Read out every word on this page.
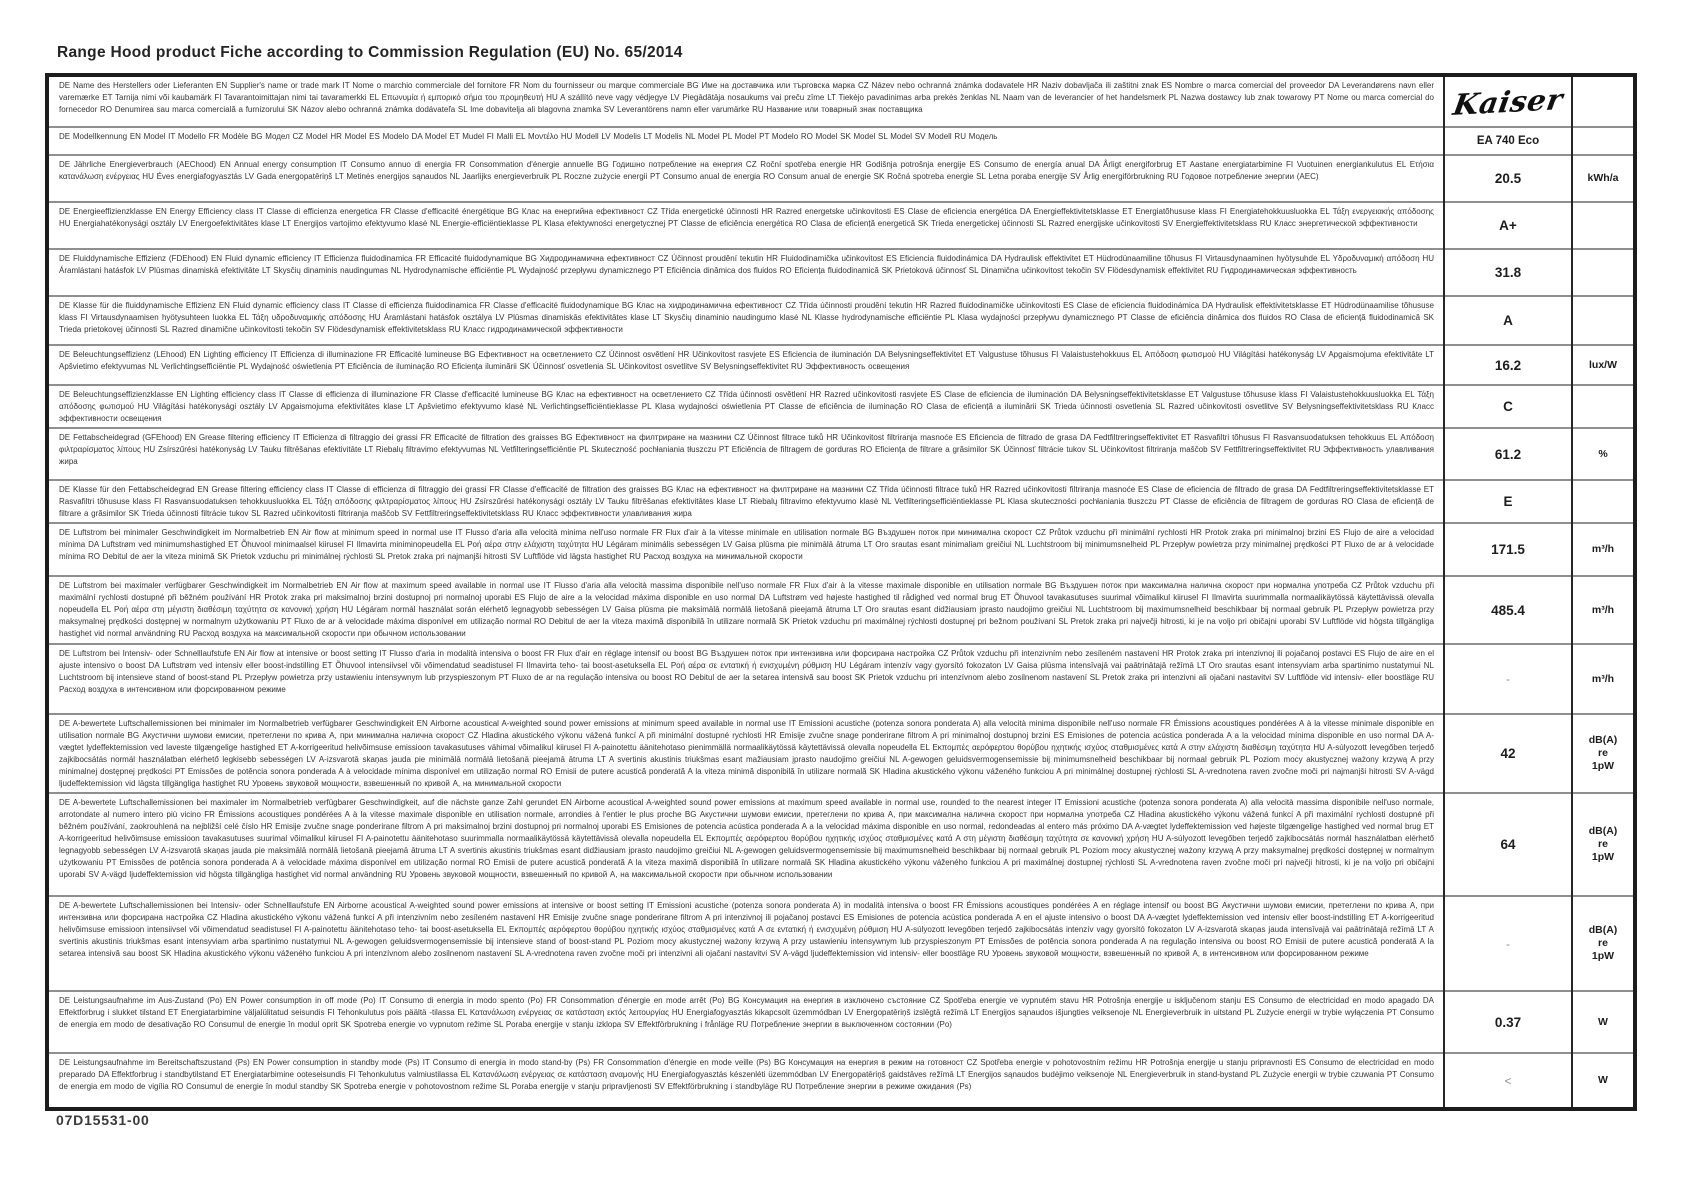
Range Hood product Fiche according to Commission Regulation (EU) No. 65/2014
DE Name des Herstellers oder Lieferanten EN Supplier's name or trade mark IT Nome o marchio commerciale del fornitore FR Nom du fournisseur ou marque commerciale BG Име на доставчика или търговска марка CZ Název nebo ochranná známka dodavatele HR Naziv dobavljača ili zaštitni znak ES Nombre o marca comercial del proveedor DA Leverandørens navn eller varemærke ET Tarnija nimi või kaubamärk FI Tavarantoimittajan nimi tai tavaramerkki EL Επωνυμία ή εμπορικό σήμα του προμηθευτή HU A szállító neve vagy védjegye LV Piegādātāja nosaukums vai preču zīme LT Tiekėjo pavadinimas arba prekės ženklas NL Naam van de leverancier of het handelsmerk PL Nazwa dostawcy lub znak towarowy PT Nome ou marca comercial do fornecedor RO Denumirea sau marca comercială a furnizorului SK Názov alebo ochranná známka dodávateľa SL Ime dobavitelja ali blagovna znamka SV Leverantörens namn eller varumärke RU Название или товарный знак поставщика	Kaiser	
DE Modellkennung EN Model IT Modello FR Modèle BG Модел CZ Model HR Model ES Modelo DA Model ET Mudel FI Malli EL Μοντέλο HU Modell LV Modelis LT Modelis NL Model PL Model PT Modelo RO Model SK Model SL Model SV Modell RU Модель	EA 740 Eco	
DE Jährliche Energieverbrauch (AEChood) EN Annual energy consumption IT Consumo annuo di energia FR Consommation d'énergie annuelle BG Годишно потребление на енергия CZ Roční spotřeba energie HR Godišnja potrošnja energije ES Consumo de energía anual DA Årligt energiforbrug ET Aastane energiatarbimine FI Vuotuinen energiankulutus EL Ετήσια κατανάλωση ενέργειας HU Éves energiafogyasztás LV Gada energopatēriņš LT Metinės energijos sąnaudos NL Jaarlijks energieverbruik PL Roczne zużycie energii PT Consumo anual de energia RO Consum anual de energie SK Ročná spotreba energie SL Letna poraba energije SV Årlig energiförbrukning RU Годовое потребление энергии (AEC)	20.5	kWh/a
DE Energieeffizienzklasse EN Energy Efficiency class IT Classe di efficienza energetica FR Classe d'efficacité énergétique BG Клас на енергийна ефективност CZ Třída energetické účinnosti HR Razred energetske učinkovitosti ES Clase de eficiencia energética DA Energieffektivitetsklasse ET Energiatõhususe klass FI Energiatehokkuusluokka EL Τάξη ενεργειακής απόδοσης HU Energiahatékonysági osztály LV Energoefektivitātes klase LT Energijos vartojimo efektyvumo klasė NL Energie-efficiëntieklasse PL Klasa efektywności energetycznej PT Classe de eficiência energética RO Clasa de eficiență energetică SK Trieda energetickej účinnosti SL Razred energijske učinkovitosti SV Energieffektivitetsklass RU Класс энергетической эффективности	A+	
DE Fluiddynamische Effizienz (FDEhood) EN Fluid dynamic efficiency IT Efficienza fluidodinamica FR Efficacité fluidodynamique BG Хидродинамична ефективност CZ Účinnost proudění tekutin HR Fluidodinamička učinkovitost ES Eficiencia fluidodinámica DA Hydraulisk effektivitet ET Hüdrodünaamiline tõhusus FI Virtausdynaaminen hyötysuhde EL Υδροδυναμική απόδοση HU Áramlástani hatásfok LV Plūsmas dinamiskā efektivitāte LT Skysčių dinaminis naudingumas NL Hydrodynamische efficiëntie PL Wydajność przepływu dynamicznego PT Eficiência dinâmica dos fluidos RO Eficiența fluidodinamică SK Prietoková účinnosť SL Dinamična učinkovitost tekočin SV Flödesdynamisk effektivitet RU Гидродинамическая эффективность	31.8	
DE Klasse für die fluiddynamische Effizienz EN Fluid dynamic efficiency class IT Classe di efficienza fluidodinamica FR Classe d'efficacité fluidodynamique BG Клас на хидродинамична ефективност CZ Třída účinnosti proudění tekutin HR Razred fluidodinamičke učinkovitosti ES Clase de eficiencia fluidodinámica DA Hydraulisk effektivitetsklasse ET Hüdrodünaamilise tõhususe klass FI Virtausdynaamisen hyötysuhteen luokka EL Τάξη υδροδυναμικής απόδοσης HU Áramlástani hatásfok osztálya LV Plūsmas dinamiskās efektivitātes klase LT Skysčių dinaminio naudingumo klasė NL Klasse hydrodynamische efficiëntie PL Klasa wydajności przepływu dynamicznego PT Classe de eficiência dinâmica dos fluidos RO Clasa de eficiență fluidodinamică SK Trieda prietokovej účinnosti SL Razred dinamične učinkovitosti tekočin SV Flödesdynamisk effektivitetsklass RU Класс гидродинамической эффективности	A	
DE Beleuchtungseffizienz (LEhood) EN Lighting efficiency IT Efficienza di illuminazione FR Efficacité lumineuse BG Ефективност на осветлението CZ Účinnost osvětlení HR Učinkovitost rasvjete ES Eficiencia de iluminación DA Belysningseffektivitet ET Valgustuse tõhusus FI Valaistustehokkuus EL Απόδοση φωτισμού HU Világítási hatékonyság LV Apgaismojuma efektivitāte LT Apšvietimo efektyvumas NL Verlichtingsefficiëntie PL Wydajność oświetlenia PT Eficiência de iluminação RO Eficiența iluminării SK Účinnosť osvetlenia SL Učinkovitost osvetlitve SV Belysningseffektivitet RU Эффективность освещения	16.2	lux/W
DE Beleuchtungseffizienzklasse EN Lighting efficiency class IT Classe di efficienza di illuminazione FR Classe d'efficacité lumineuse BG Клас на ефективност на осветлението CZ Třída účinnosti osvětlení HR Razred učinkovitosti rasvjete ES Clase de eficiencia de iluminación DA Belysningseffektivitetsklasse ET Valgustuse tõhususe klass FI Valaistustehokkuusluokka EL Τάξη απόδοσης φωτισμού HU Világítási hatékonysági osztály LV Apgaismojuma efektivitātes klase LT Apšvietimo efektyvumo klasė NL Verlichtingsefficiëntieklasse PL Klasa wydajności oświetlenia PT Classe de eficiência de iluminação RO Clasa de eficiență a iluminării SK Trieda účinnosti osvetlenia SL Razred učinkovitosti osvetlitve SV Belysningseffektivitetsklass RU Класс эффективности освещения	C	
DE Fettabscheidegrad (GFEhood) EN Grease filtering efficiency IT Efficienza di filtraggio dei grassi FR Efficacité de filtration des graisses BG Ефективност на филтриране на мазнини CZ Účinnost filtrace tuků HR Učinkovitost filtriranja masnoće ES Eficiencia de filtrado de grasa DA Fedtfiltreringseffektivitet ET Rasvafiltri tõhusus FI Rasvansuodatuksen tehokkuus EL Απόδοση φιλτραρίσματος λίπους HU Zsírszűrési hatékonyság LV Tauku filtrēšanas efektivitāte LT Riebalų filtravimo efektyvumas NL Vetfilteringsefficiëntie PL Skuteczność pochłaniania tłuszczu PT Eficiência de filtragem de gorduras RO Eficiența de filtrare a grăsimilor SK Účinnosť filtrácie tukov SL Učinkovitost filtriranja maščob SV Fettfiltreringseffektivitet RU Эффективность улавливания жира	61.2	%
DE Klasse für den Fettabscheidegrad EN Grease filtering efficiency class IT Classe di efficienza di filtraggio dei grassi FR Classe d'efficacité de filtration des graisses BG Клас на ефективност на филтриране на мазнини CZ Třída účinnosti filtrace tuků HR Razred učinkovitosti filtriranja masnoće ES Clase de eficiencia de filtrado de grasa DA Fedtfiltreringseffektivitetsklasse ET Rasvafiltri tõhususe klass FI Rasvansuodatuksen tehokkuusluokka EL Τάξη απόδοσης φιλτραρίσματος λίπους HU Zsírszűrési hatékonysági osztály LV Tauku filtrēšanas efektivitātes klase LT Riebalų filtravimo efektyvumo klasė NL Vetfilteringsefficiëntieklasse PL Klasa skuteczności pochłaniania tłuszczu PT Classe de eficiência de filtragem de gorduras RO Clasa de eficiență de filtrare a grăsimilor SK Trieda účinnosti filtrácie tukov SL Razred učinkovitosti filtriranja maščob SV Fettfiltreringseffektivitetsklass RU Класс эффективности улавливания жира	E	
DE Luftstrom bei minimaler Geschwindigkeit im Normalbetrieb EN Air flow at minimum speed in normal use IT Flusso d'aria alla velocità minima nell'uso normale FR Flux d'air à la vitesse minimale en utilisation normale BG Въздушен поток при минимална скорост CZ Průtok vzduchu při minimální rychlosti HR Protok zraka pri minimalnoj brzini ES Flujo de aire a velocidad mínima DA Luftstrøm ved minimumshastighed ET Õhuvool minimaalsel kiirusel FI Ilmavirta miniminopeudella EL Ροή αέρα στην ελάχιστη ταχύτητα HU Légáram minimális sebességen LV Gaisa plūsma pie minimālā ātruma LT Oro srautas esant minimaliam greičiui NL Luchtstroom bij minimumsnelheid PL Przepływ powietrza przy minimalnej prędkości PT Fluxo de ar à velocidade mínima RO Debitul de aer la viteza minimă SK Prietok vzduchu pri minimálnej rýchlosti SL Pretok zraka pri najmanjši hitrosti SV Luftflöde vid lägsta hastighet RU Расход воздуха на минимальной скорости	171.5	m³/h
DE Luftstrom bei maximaler verfügbarer Geschwindigkeit im Normalbetrieb EN Air flow at maximum speed available in normal use IT Flusso d'aria alla velocità massima disponibile nell'uso normale FR Flux d'air à la vitesse maximale disponible en utilisation normale BG Въздушен поток при максимална налична скорост при нормална употреба CZ Průtok vzduchu při maximální rychlosti dostupné při běžném používání HR Protok zraka pri maksimalnoj brzini dostupnoj pri normalnoj uporabi ES Flujo de aire a la velocidad máxima disponible en uso normal DA Luftstrøm ved højeste hastighed til rådighed ved normal brug ET Õhuvool tavakasutuses suurimal võimalikul kiirusel FI Ilmavirta suurimmalla normaalikäytössä käytettävissä olevalla nopeudella EL Ροή αέρα στη μέγιστη διαθέσιμη ταχύτητα σε κανονική χρήση HU Légáram normál használat során elérhető legnagyobb sebességen LV Gaisa plūsma pie maksimālā normālā lietošanā pieejamā ātruma LT Oro srautas esant didžiausiam įprasto naudojimo greičiui NL Luchtstroom bij maximumsnelheid beschikbaar bij normaal gebruik PL Przepływ powietrza przy maksymalnej prędkości dostępnej w normalnym użytkowaniu PT Fluxo de ar à velocidade máxima disponível em utilização normal RO Debitul de aer la viteza maximă disponibilă în utilizare normală SK Prietok vzduchu pri maximálnej rýchlosti dostupnej pri bežnom používaní SL Pretok zraka pri največji hitrosti, ki je na voljo pri običajni uporabi SV Luftflöde vid högsta tillgängliga hastighet vid normal användning RU Расход воздуха на максимальной скорости при обычном использовании	485.4	m³/h
DE Luftstrom bei Intensiv- oder Schnelllaufstufe EN Air flow at intensive or boost setting IT Flusso d'aria in modalità intensiva o boost FR Flux d'air en réglage intensif ou boost BG Въздушен поток при интензивна или форсирана настройка CZ Průtok vzduchu při intenzivním nebo zesíleném nastavení HR Protok zraka pri intenzivnoj ili pojačanoj postavci ES Flujo de aire en el ajuste intensivo o boost DA Luftstrøm ved intensiv eller boost-indstilling ET Õhuvool intensiivsel või võimendatud seadistusel FI Ilmavirta teho- tai boost-asetuksella EL Ροή αέρα σε εντατική ή ενισχυμένη ρύθμιση HU Légáram intenzív vagy gyorsító fokozaton LV Gaisa plūsma intensīvajā vai paātrinātajā režīmā LT Oro srautas esant intensyviam arba spartinimo nustatymui NL Luchtstroom bij intensieve stand of boost-stand PL Przepływ powietrza przy ustawieniu intensywnym lub przyspieszonym PT Fluxo de ar na regulação intensiva ou boost RO Debitul de aer la setarea intensivă sau boost SK Prietok vzduchu pri intenzívnom alebo zosilnenom nastavení SL Pretok zraka pri intenzivni ali ojačani nastavitvi SV Luftflöde vid intensiv- eller boostläge RU Расход воздуха в интенсивном или форсированном режиме	-	m³/h
DE A-bewertete Luftschallemissionen bei minimaler im Normalbetrieb verfügbarer Geschwindigkeit EN Airborne acoustical A-weighted sound power emissions at minimum speed available in normal use IT Emissioni acustiche (potenza sonora ponderata A) alla velocità minima disponibile nell'uso normale FR Émissions acoustiques pondérées A à la vitesse minimale disponible en utilisation normale BG Акустични шумови емисии, претеглени по крива A, при минимална налична скорост CZ Hladina akustického výkonu vážená funkcí A při minimální dostupné rychlosti HR Emisije zvučne snage ponderirane filtrom A pri minimalnoj dostupnoj brzini ES Emisiones de potencia acústica ponderada A a la velocidad mínima disponible en uso normal DA A-vægtet lydeffektemission ved laveste tilgængelige hastighed ET A-korrigeeritud helivõimsuse emissioon tavakasutuses vähimal võimalikul kiirusel FI A-painotettu äänitehotaso pienimmällä normaalikäytössä käytettävissä olevalla nopeudella EL Εκπομπές αερόφερτου θορύβου ηχητικής ισχύος σταθμισμένες κατά A στην ελάχιστη διαθέσιμη ταχύτητα HU A-súlyozott levegőben terjedő zajkibocsátás normál használatban elérhető legkisebb sebességen LV A-izsvarotā skaņas jauda pie minimālā normālā lietošanā pieejamā ātruma LT A svertinis akustinis triukšmas esant mažiausiam įprasto naudojimo greičiui NL A-gewogen geluidsvermogensemissie bij minimumsnelheid beschikbaar bij normaal gebruik PL Poziom mocy akustycznej ważony krzywą A przy minimalnej dostępnej prędkości PT Emissões de potência sonora ponderada A à velocidade mínima disponível em utilização normal RO Emisii de putere acustică ponderată A la viteza minimă disponibilă în utilizare normală SK Hladina akustického výkonu váženého funkciou A pri minimálnej dostupnej rýchlosti SL A-vrednotena raven zvočne moči pri najmanjši hitrosti SV A-vägd ljudeffektemission vid lägsta tillgängliga hastighet RU Уровень звуковой мощности, взвешенный по кривой A, на минимальной скорости	42	dB(A)
re
1pW
DE A-bewertete Luftschallemissionen bei maximaler im Normalbetrieb verfügbarer Geschwindigkeit, auf die nächste ganze Zahl gerundet EN Airborne acoustical A-weighted sound power emissions at maximum speed available in normal use, rounded to the nearest integer IT Emissioni acustiche (potenza sonora ponderata A) alla velocità massima disponibile nell'uso normale, arrotondate al numero intero più vicino FR Émissions acoustiques pondérées A à la vitesse maximale disponible en utilisation normale, arrondies à l'entier le plus proche BG Акустични шумови емисии, претеглени по крива A, при максимална налична скорост при нормална употреба CZ Hladina akustického výkonu vážená funkcí A při maximální rychlosti dostupné při běžném používání, zaokrouhlená na nejbližší celé číslo HR Emisije zvučne snage ponderirane filtrom A pri maksimalnoj brzini dostupnoj pri normalnoj uporabi ES Emisiones de potencia acústica ponderada A a la velocidad máxima disponible en uso normal, redondeadas al entero más próximo DA A-vægtet lydeffektemission ved højeste tilgængelige hastighed ved normal brug ET A-korrigeeritud helivõimsuse emissioon tavakasutuses suurimal võimalikul kiirusel FI A-painotettu äänitehotaso suurimmalla normaalikäytössä käytettävissä olevalla nopeudella EL Εκπομπές αερόφερτου θορύβου ηχητικής ισχύος σταθμισμένες κατά A στη μέγιστη διαθέσιμη ταχύτητα σε κανονική χρήση HU A-súlyozott levegőben terjedő zajkibocsátás normál használatban elérhető legnagyobb sebességen LV A-izsvarotā skaņas jauda pie maksimālā normālā lietošanā pieejamā ātruma LT A svertinis akustinis triukšmas esant didžiausiam įprasto naudojimo greičiui NL A-gewogen geluidsvermogensemissie bij maximumsnelheid beschikbaar bij normaal gebruik PL Poziom mocy akustycznej ważony krzywą A przy maksymalnej prędkości dostępnej w normalnym użytkowaniu PT Emissões de potência sonora ponderada A à velocidade máxima disponível em utilização normal RO Emisii de putere acustică ponderată A la viteza maximă disponibilă în utilizare normală SK Hladina akustického výkonu váženého funkciou A pri maximálnej dostupnej rýchlosti SL A-vrednotena raven zvočne moči pri največji hitrosti, ki je na voljo pri običajni uporabi SV A-vägd ljudeffektemission vid högsta tillgängliga hastighet vid normal användning RU Уровень звуковой мощности, взвешенный по кривой A, на максимальной скорости при обычном использовании	64	dB(A)
re
1pW
DE A-bewertete Luftschallemissionen bei Intensiv- oder Schnelllaufstufe EN Airborne acoustical A-weighted sound power emissions at intensive or boost setting IT Emissioni acustiche (potenza sonora ponderata A) in modalità intensiva o boost FR Émissions acoustiques pondérées A en réglage intensif ou boost BG Акустични шумови емисии, претеглени по крива A, при интензивна или форсирана настройка CZ Hladina akustického výkonu vážená funkcí A při intenzivním nebo zesíleném nastavení HR Emisije zvučne snage ponderirane filtrom A pri intenzivnoj ili pojačanoj postavci ES Emisiones de potencia acústica ponderada A en el ajuste intensivo o boost DA A-vægtet lydeffektemission ved intensiv eller boost-indstilling ET A-korrigeeritud helivõimsuse emissioon intensiivsel või võimendatud seadistusel FI A-painotettu äänitehotaso teho- tai boost-asetuksella EL Εκπομπές αερόφερτου θορύβου ηχητικής ισχύος σταθμισμένες κατά A σε εντατική ή ενισχυμένη ρύθμιση HU A-súlyozott levegőben terjedő zajkibocsátás intenzív vagy gyorsító fokozaton LV A-izsvarotā skaņas jauda intensīvajā vai paātrinātajā režīmā LT A svertinis akustinis triukšmas esant intensyviam arba spartinimo nustatymui NL A-gewogen geluidsvermogensemissie bij intensieve stand of boost-stand PL Poziom mocy akustycznej ważony krzywą A przy ustawieniu intensywnym lub przyspieszonym PT Emissões de potência sonora ponderada A na regulação intensiva ou boost RO Emisii de putere acustică ponderată A la setarea intensivă sau boost SK Hladina akustického výkonu váženého funkciou A pri intenzívnom alebo zosilnenom nastavení SL A-vrednotena raven zvočne moči pri intenzivni ali ojačani nastavitvi SV A-vägd ljudeffektemission vid intensiv- eller boostläge RU Уровень звуковой мощности, взвешенный по кривой A, в интенсивном или форсированном режиме	-	dB(A)
re
1pW
DE Leistungsaufnahme im Aus-Zustand (Po) EN Power consumption in off mode (Po) IT Consumo di energia in modo spento (Po) FR Consommation d'énergie en mode arrêt (Po) BG Консумация на енергия в изключено състояние CZ Spotřeba energie ve vypnutém stavu HR Potrošnja energije u isključenom stanju ES Consumo de electricidad en modo apagado DA Effektforbrug i slukket tilstand ET Energiatarbimine väljalülitatud seisundis FI Tehonkulutus pois päältä -tilassa EL Κατανάλωση ενέργειας σε κατάσταση εκτός λειτουργίας HU Energiafogyasztás kikapcsolt üzemmódban LV Energopatēriņš izslēgtā režīmā LT Energijos sąnaudos išjungties veiksenoje NL Energieverbruik in uitstand PL Zużycie energii w trybie wyłączenia PT Consumo de energia em modo de desativação RO Consumul de energie în modul oprit SK Spotreba energie vo vypnutom režime SL Poraba energije v stanju izklopa SV Effektförbrukning i frånläge RU Потребление энергии в выключенном состоянии (Po)	0.37	W
DE Leistungsaufnahme im Bereitschaftszustand (Ps) EN Power consumption in standby mode (Ps) IT Consumo di energia in modo stand-by (Ps) FR Consommation d'énergie en mode veille (Ps) BG Консумация на енергия в режим на готовност CZ Spotřeba energie v pohotovostním režimu HR Potrošnja energije u stanju pripravnosti ES Consumo de electricidad en modo preparado DA Effektforbrug i standbytilstand ET Energiatarbimine ooteseisundis FI Tehonkulutus valmiustilassa EL Κατανάλωση ενέργειας σε κατάσταση αναμονής HU Energiafogyasztás készenléti üzemmódban LV Energopatēriņš gaidstāves režīmā LT Energijos sąnaudos budėjimo veiksenoje NL Energieverbruik in stand-bystand PL Zużycie energii w trybie czuwania PT Consumo de energia em modo de vigília RO Consumul de energie în modul standby SK Spotreba energie v pohotovostnom režime SL Poraba energije v stanju pripravljenosti SV Effektförbrukning i standbyläge RU Потребление энергии в режиме ожидания (Ps)	<	W
07D15531-00
